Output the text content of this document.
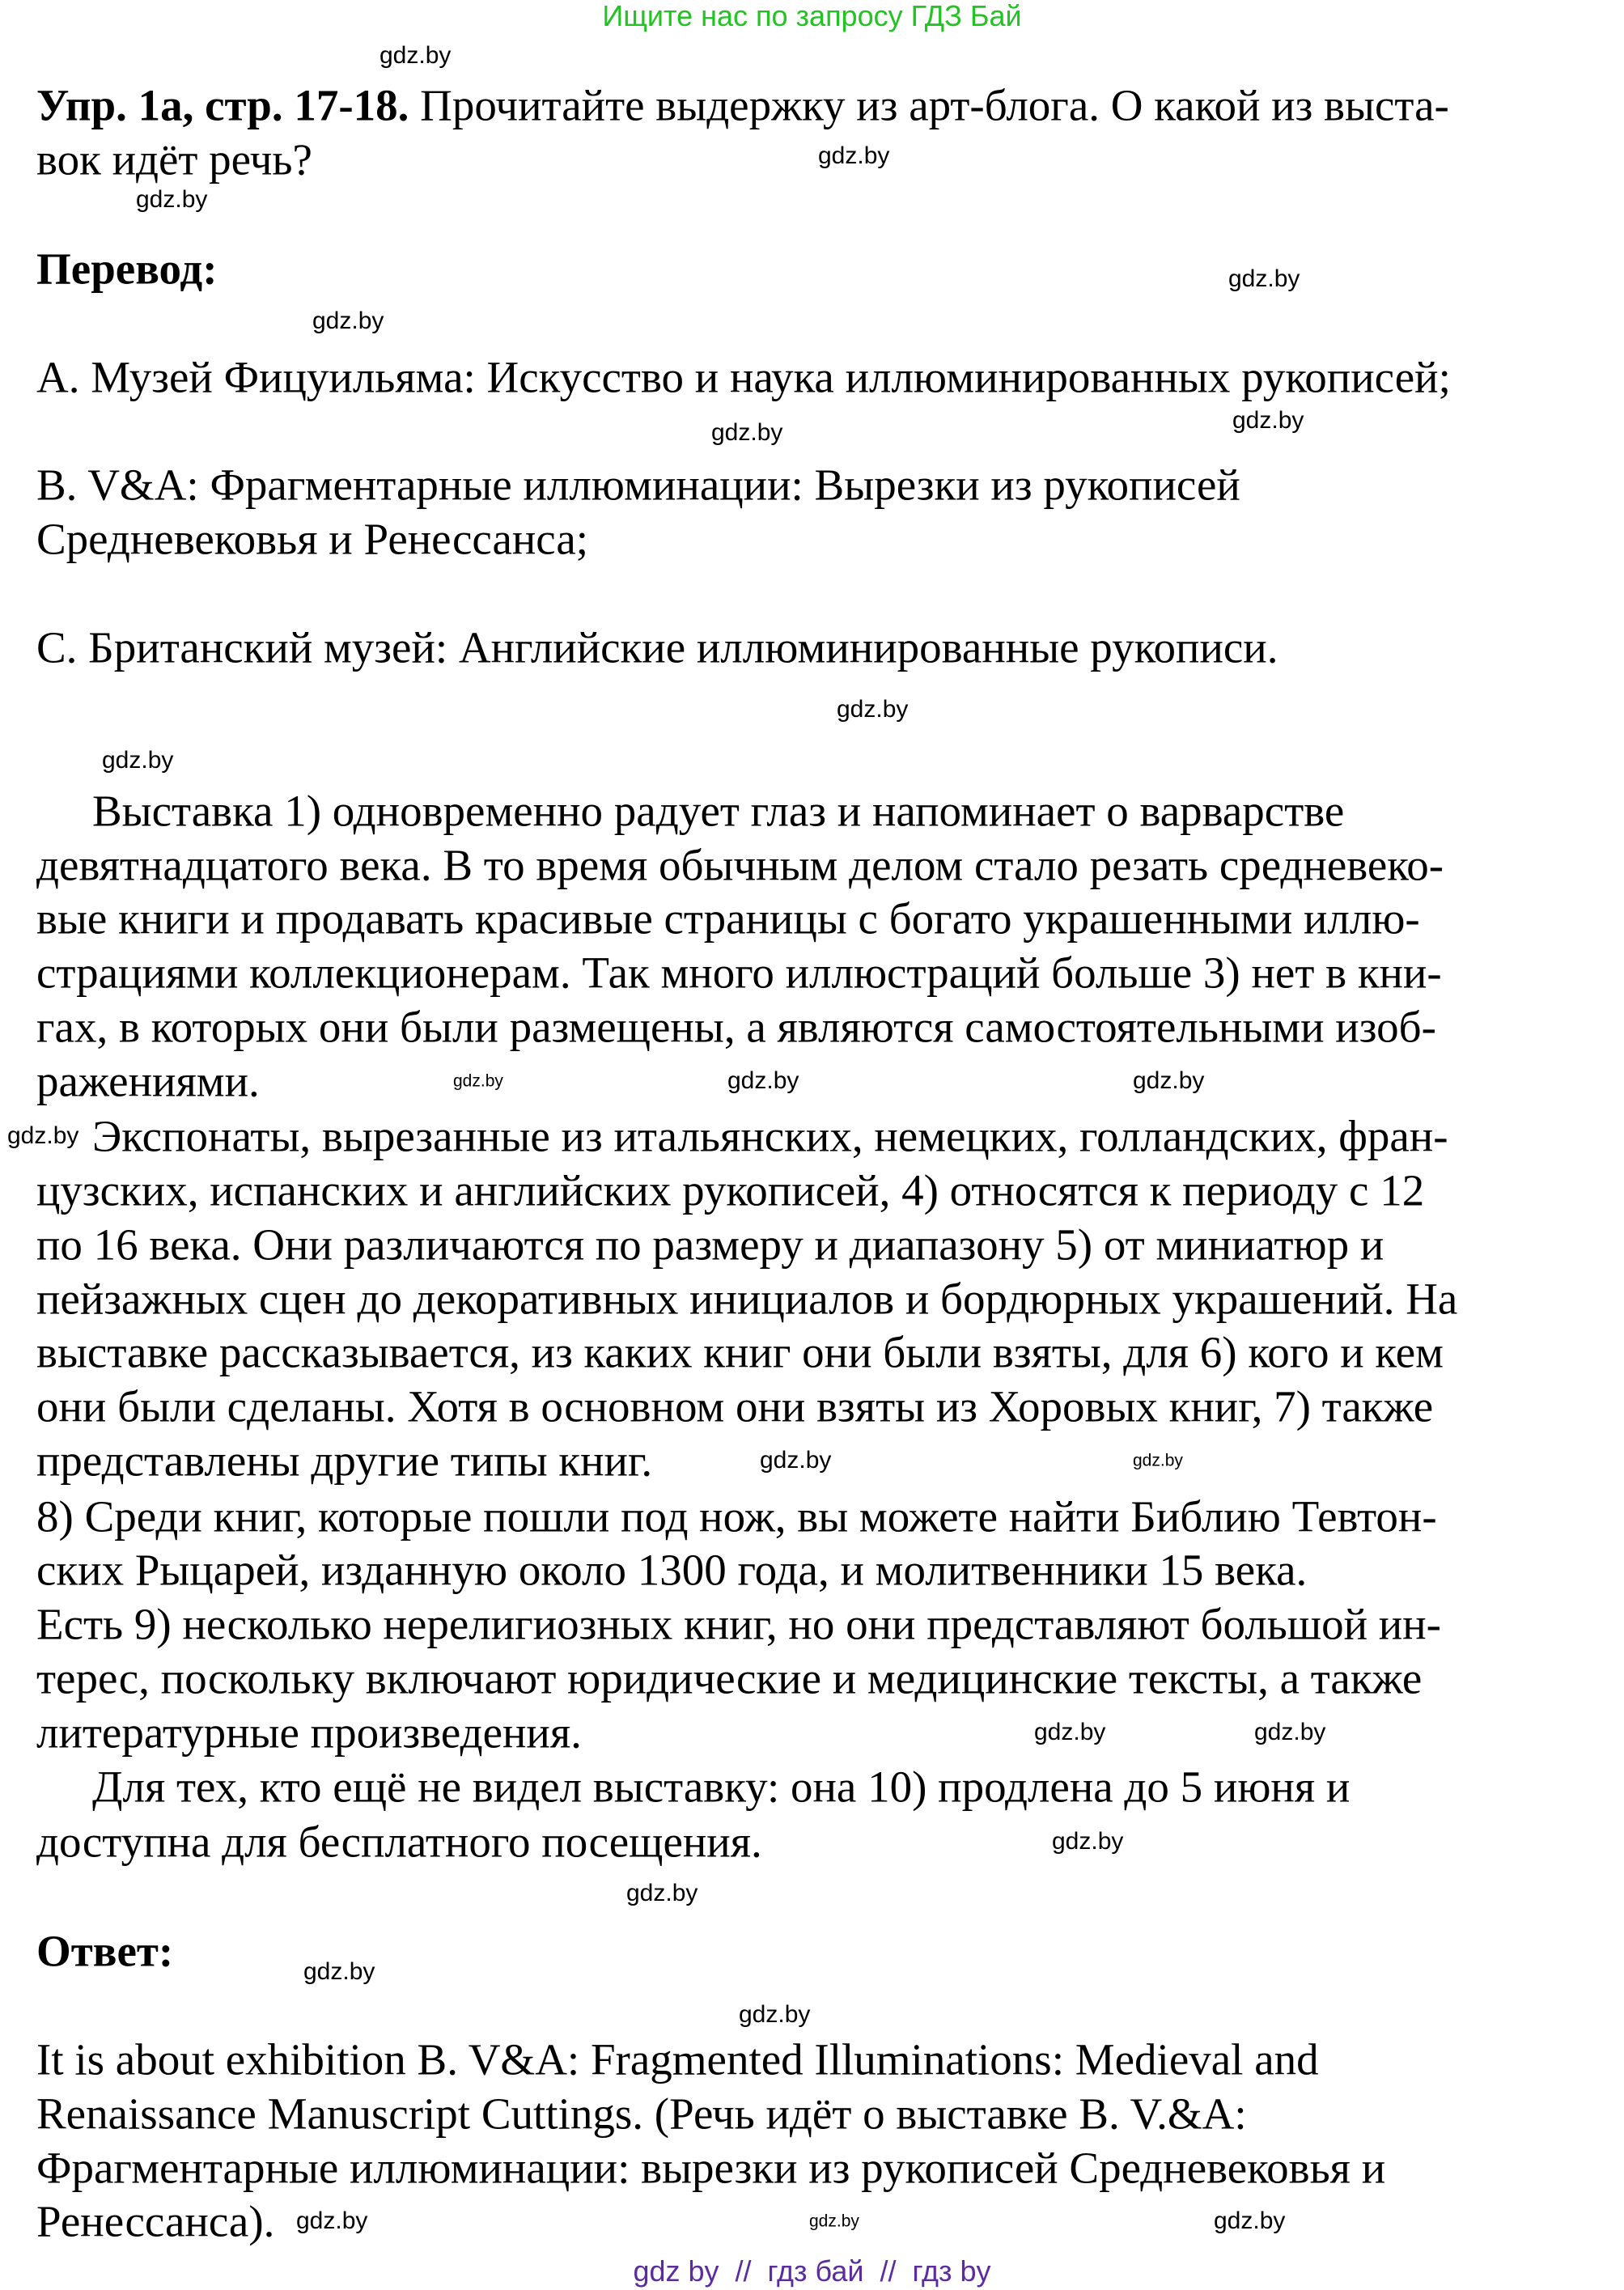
Ищите нас по запросу ГДЗ Бай
Упр. 1а, стр. 17-18. Прочитайте выдержку из арт-блога. О какой из выста-
вок идёт речь?
Перевод:
A. Музей Фицуильяма: Искусство и наука иллюминированных рукописей;
B. V&A: Фрагментарные иллюминации: Вырезки из рукописей
Средневековья и Ренессанса;
C. Британский музей: Английские иллюминированные рукописи.
Выставка 1) одновременно радует глаз и напоминает о варварстве
девятнадцатого века. В то время обычным делом стало резать средневеко-
вые книги и продавать красивые страницы с богато украшенными иллю-
страциями коллекционерам. Так много иллюстраций больше 3) нет в кни-
гах, в которых они были размещены, а являются самостоятельными изоб-
ражениями.
Экспонаты, вырезанные из итальянских, немецких, голландских, фран-
цузских, испанских и английских рукописей, 4) относятся к периоду с 12
по 16 века. Они различаются по размеру и диапазону 5) от миниатюр и
пейзажных сцен до декоративных инициалов и бордюрных украшений. На
выставке рассказывается, из каких книг они были взяты, для 6) кого и кем
они были сделаны. Хотя в основном они взяты из Хоровых книг, 7) также
представлены другие типы книг.
8) Среди книг, которые пошли под нож, вы можете найти Библию Тевтон-
ских Рыцарей, изданную около 1300 года, и молитвенники 15 века.
Есть 9) несколько нерелигиозных книг, но они представляют большой ин-
терес, поскольку включают юридические и медицинские тексты, а также
литературные произведения.
Для тех, кто ещё не видел выставку: она 10) продлена до 5 июня и
доступна для бесплатного посещения.
Ответ:
It is about exhibition B. V&A: Fragmented Illuminations: Medieval and
Renaissance Manuscript Cuttings. (Речь идёт о выставке B. V.&A:
Фрагментарные иллюминации: вырезки из рукописей Средневековья и
Ренессанса).
gdz.by
gdz.by
gdz.by
gdz.by
gdz.by
gdz.by
gdz.by
gdz.by
gdz.by
gdz.by	gdz.by
gdz.by
gdz.by
gdz.by
gdz.by
gdz.by
gdz.by
gdz.by
gdz.by
gdz.by
gdz.by
gdz.by
gdz.by
gdz.by
gdz by  //  гдз бай  //  гдз by
